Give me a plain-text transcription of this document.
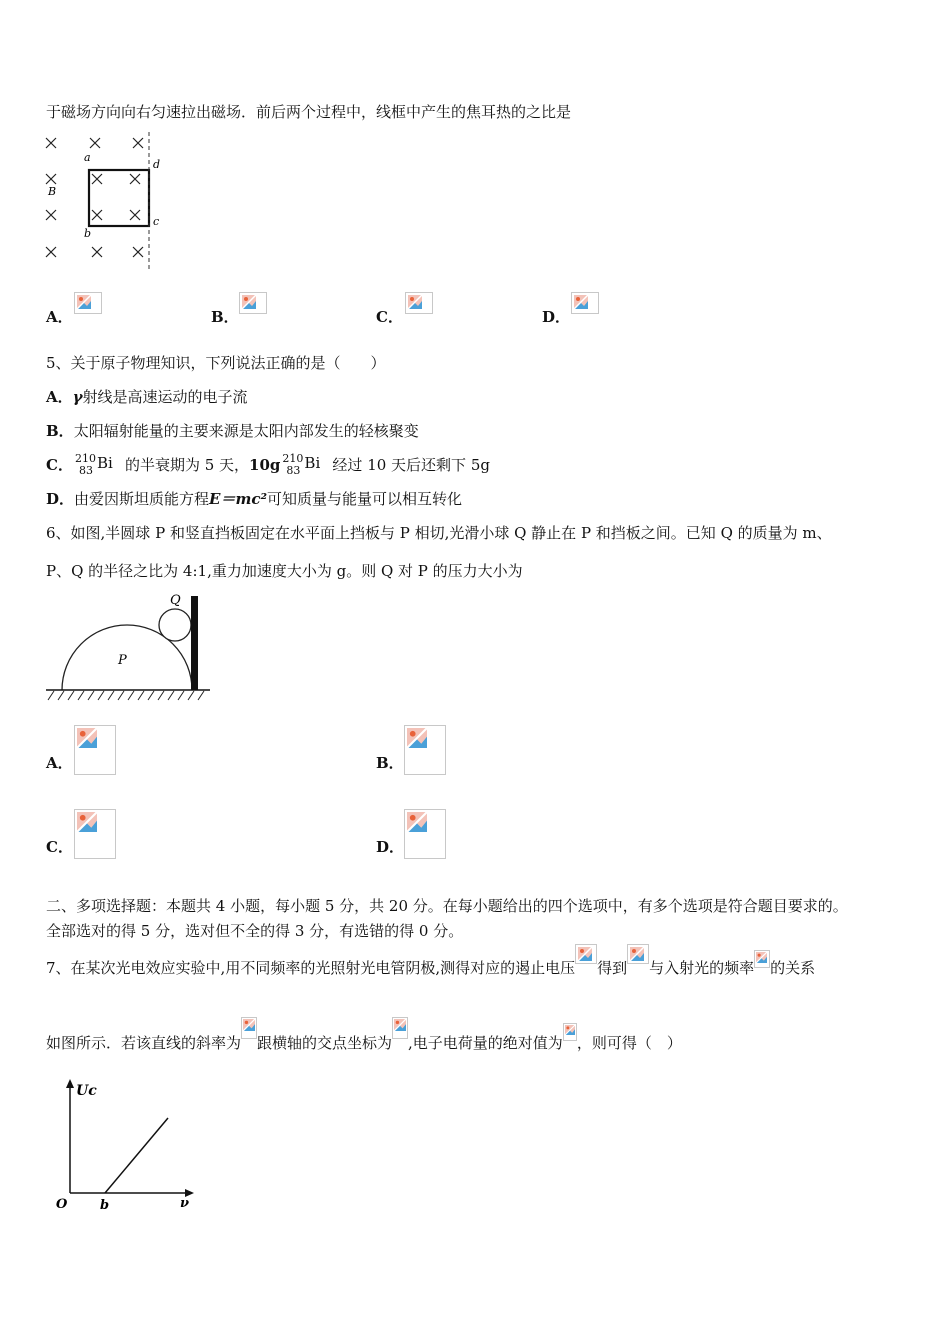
于磁场方向向右匀速拉出磁场．前后两个过程中，线框中产生的焦耳热的之比是
a
d
B
c
b
A．	B．	C．	D．
5、关于原子物理知识，下列说法正确的是（　　）
A．γ射线是高速运动的电子流
B．太阳辐射能量的主要来源是太阳内部发生的轻核聚变
C． 210
83 Bi 的半衰期为 5 天，10g 210
83 Bi 经过 10 天后还剩下 5g
D．由爱因斯坦质能方程E＝mc²可知质量与能量可以相互转化
6、如图,半圆球 P 和竖直挡板固定在水平面上挡板与 P 相切,光滑小球 Q 静止在 P 和挡板之间。已知 Q 的质量为 m、
P、Q 的半径之比为 4:1,重力加速度大小为 g。则 Q 对 P 的压力大小为
P
Q
A．	B．
C．	D．
二、多项选择题：本题共 4 小题，每小题 5 分，共 20 分。在每小题给出的四个选项中，有多个选项是符合题目要求的。
全部选对的得 5 分，选对但不全的得 3 分，有选错的得 0 分。
7、在某次光电效应实验中,用不同频率的光照射光电管阴极,测得对应的遏止电压 得到 与入射光的频率 的关系
如图所示．若该直线的斜率为 跟横轴的交点坐标为 ,电子电荷量的绝对值为 ，则可得（　）
Uc
O	b	ν
